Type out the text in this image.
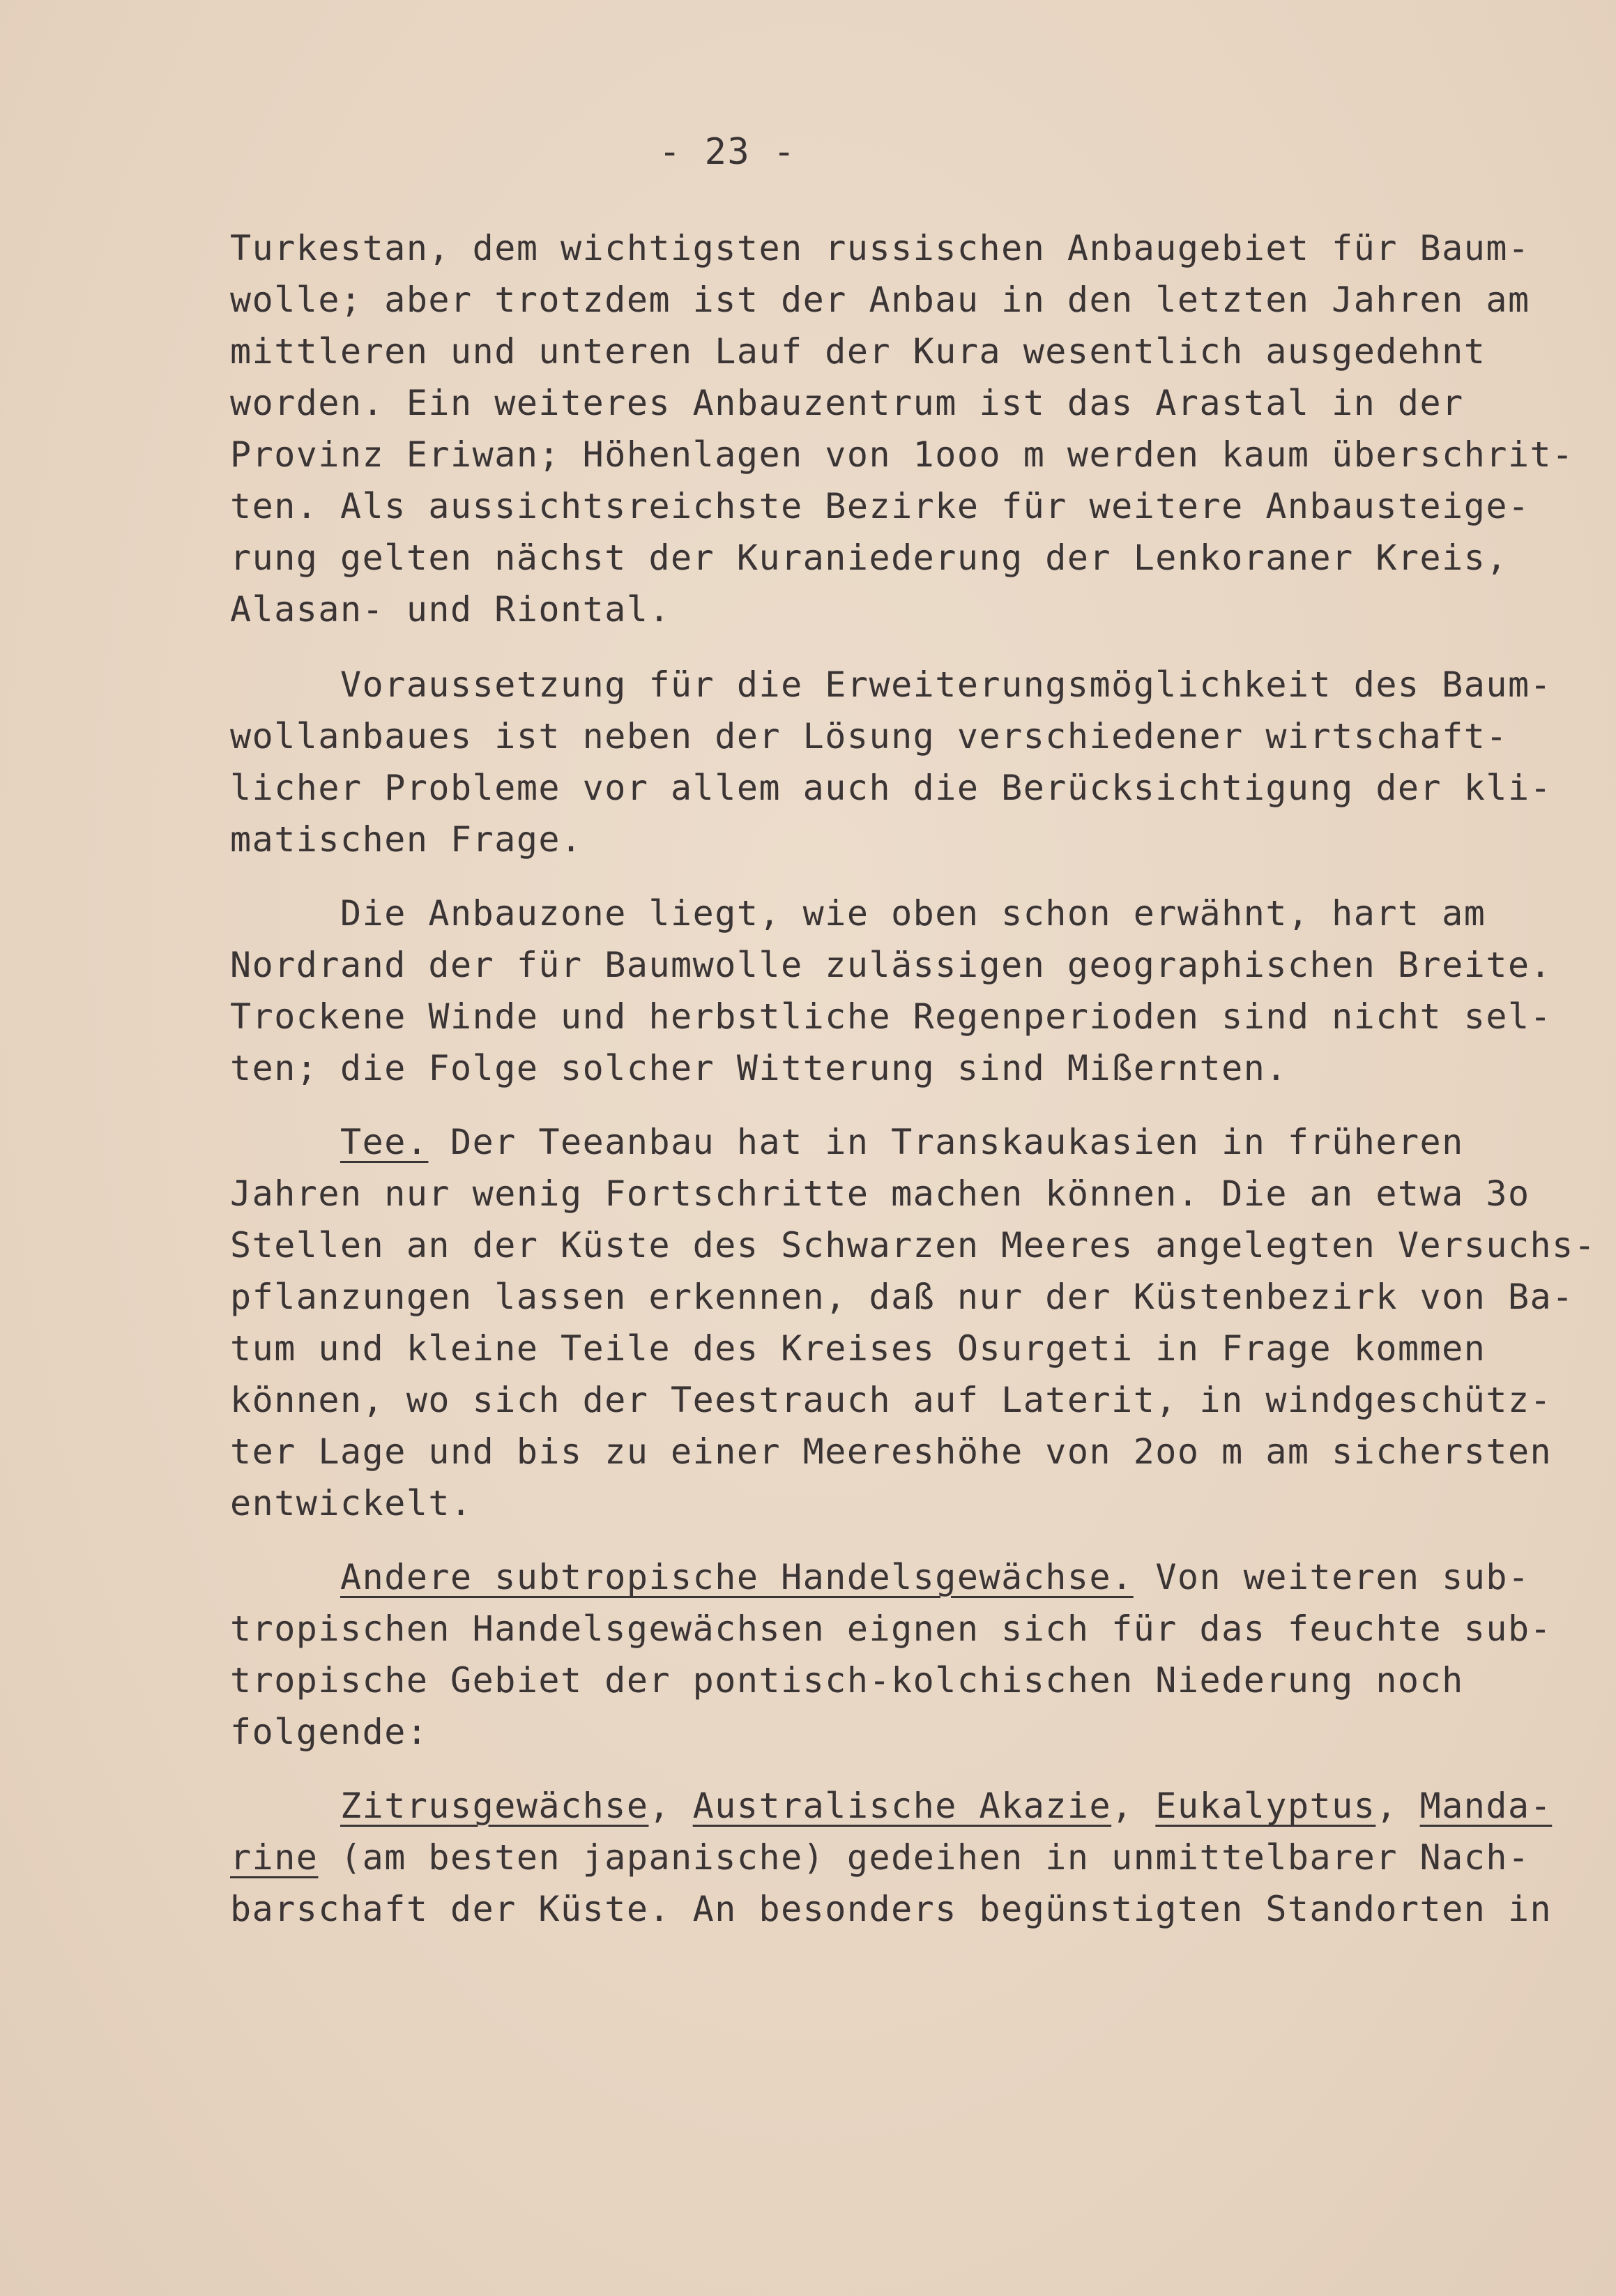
- 23 -
Turkestan, dem wichtigsten russischen Anbaugebiet für Baum-
wolle; aber trotzdem ist der Anbau in den letzten Jahren am
mittleren und unteren Lauf der Kura wesentlich ausgedehnt
worden. Ein weiteres Anbauzentrum ist das Arastal in der
Provinz Eriwan; Höhenlagen von 1ooo m werden kaum überschrit-
ten. Als aussichtsreichste Bezirke für weitere Anbausteige-
rung gelten nächst der Kuraniederung der Lenkoraner Kreis,
Alasan- und Riontal.
Voraussetzung für die Erweiterungsmöglichkeit des Baum-
wollanbaues ist neben der Lösung verschiedener wirtschaft-
licher Probleme vor allem auch die Berücksichtigung der kli-
matischen Frage.
Die Anbauzone liegt, wie oben schon erwähnt, hart am
Nordrand der für Baumwolle zulässigen geographischen Breite.
Trockene Winde und herbstliche Regenperioden sind nicht sel-
ten; die Folge solcher Witterung sind Mißernten.
Tee. Der Teeanbau hat in Transkaukasien in früheren
Jahren nur wenig Fortschritte machen können. Die an etwa 3o
Stellen an der Küste des Schwarzen Meeres angelegten Versuchs-
pflanzungen lassen erkennen, daß nur der Küstenbezirk von Ba-
tum und kleine Teile des Kreises Osurgeti in Frage kommen
können, wo sich der Teestrauch auf Laterit, in windgeschütz-
ter Lage und bis zu einer Meereshöhe von 2oo m am sichersten
entwickelt.
Andere subtropische Handelsgewächse. Von weiteren sub-
tropischen Handelsgewächsen eignen sich für das feuchte sub-
tropische Gebiet der pontisch-kolchischen Niederung noch
folgende:
Zitrusgewächse, Australische Akazie, Eukalyptus, Manda-
rine (am besten japanische) gedeihen in unmittelbarer Nach-
barschaft der Küste. An besonders begünstigten Standorten in
